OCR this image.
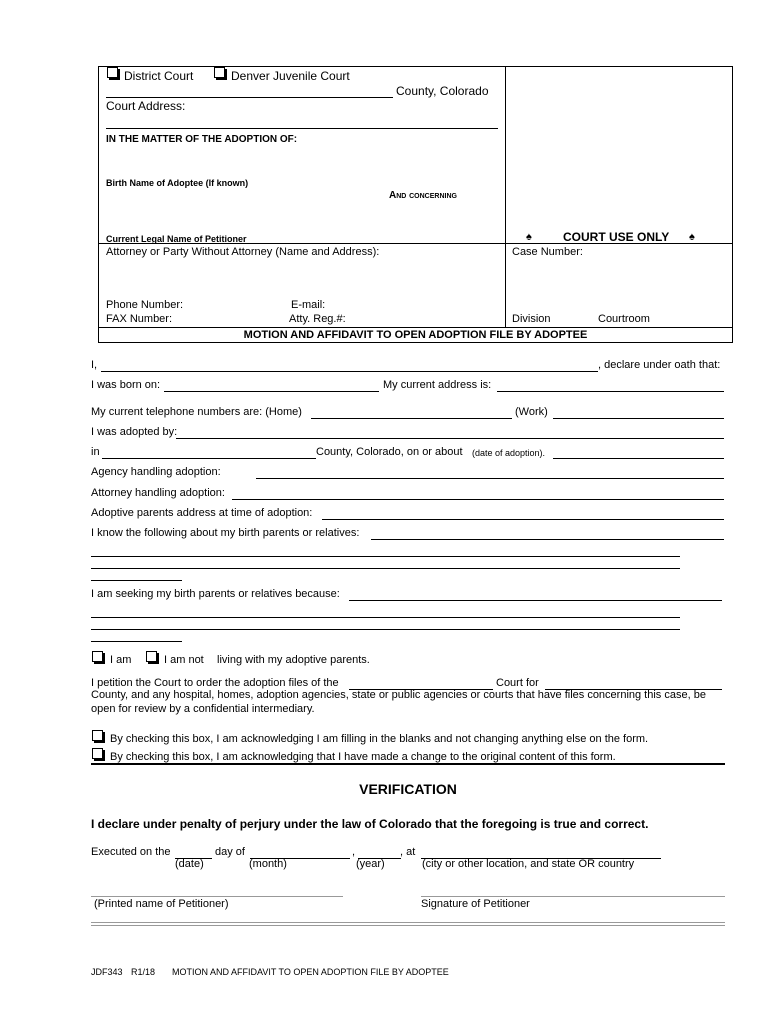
District Court	Denver Juvenile Court
County, Colorado
Court Address:
IN THE MATTER OF THE ADOPTION OF:
Birth Name of Adoptee (If known)
And concerning
Current Legal Name of Petitioner	♠	COURT USE ONLY ♠
Attorney or Party Without Attorney (Name and Address):	Case Number:
Phone Number:	E-mail:
FAX Number:	Atty. Reg.#:	Division	Courtroom
MOTION AND AFFIDAVIT TO OPEN ADOPTION FILE BY ADOPTEE
I,	, declare under oath that:
I was born on:	My current address is:
My current telephone numbers are: (Home)	(Work)
I was adopted by:
in	County, Colorado, on or about (date of adoption).
Agency handling adoption:
Attorney handling adoption:
Adoptive parents address at time of adoption:
I know the following about my birth parents or relatives:
I am seeking my birth parents or relatives because:
I am	I am not living with my adoptive parents.
I petition the Court to order the adoption files of the	Court for
County, and any hospital, homes, adoption agencies, state or public agencies or courts that have files concerning this case, be
open for review by a confidential intermediary.
By checking this box, I am acknowledging I am filling in the blanks and not changing anything else on the form.
By checking this box, I am acknowledging that I have made a change to the original content of this form.
VERIFICATION
I declare under penalty of perjury under the law of Colorado that the foregoing is true and correct.
Executed on the	day of	,	, at
(date)	(month)	(year)	(city or other location, and state OR country
(Printed name of Petitioner)	Signature of Petitioner
JDF343 R1/18 MOTION AND AFFIDAVIT TO OPEN ADOPTION FILE BY ADOPTEE
